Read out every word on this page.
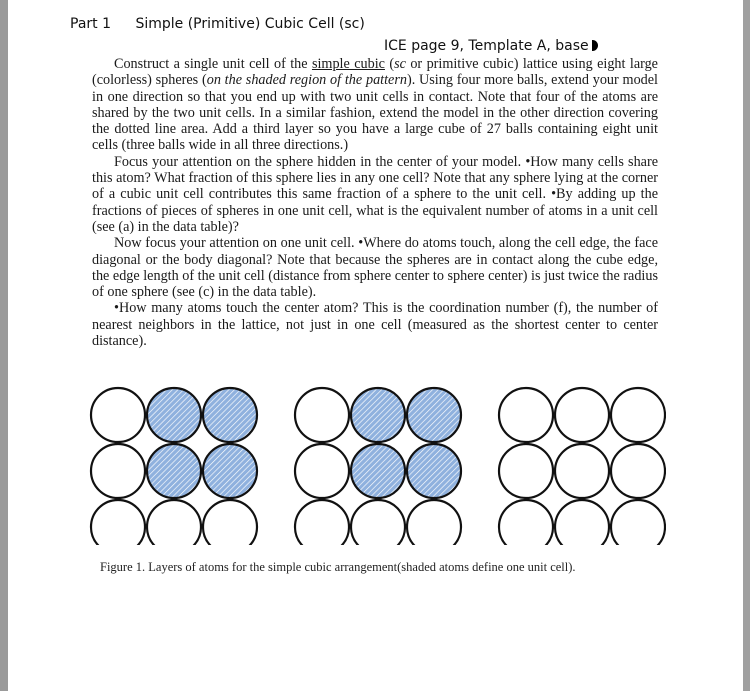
Part 1 Simple (Primitive) Cubic Cell (sc)
ICE page 9, Template A, base

Construct a single unit cell of the simple cubic (sc or primitive cubic) lattice using eight large (colorless) spheres (on the shaded region of the pattern). Using four more balls, extend your model in one direction so that you end up with two unit cells in contact. Note that four of the atoms are shared by the two unit cells. In a similar fashion, extend the model in the other direction covering the dotted line area. Add a third layer so you have a large cube of 27 balls containing eight unit cells (three balls wide in all three directions.)

Focus your attention on the sphere hidden in the center of your model. •How many cells share this atom? What fraction of this sphere lies in any one cell? Note that any sphere lying at the corner of a cubic unit cell contributes this same fraction of a sphere to the unit cell. •By adding up the fractions of pieces of spheres in one unit cell, what is the equivalent number of atoms in a unit cell (see (a) in the data table)?

Now focus your attention on one unit cell. •Where do atoms touch, along the cell edge, the face diagonal or the body diagonal? Note that because the spheres are in contact along the cube edge, the edge length of the unit cell (distance from sphere center to sphere center) is just twice the radius of one sphere (see (c) in the data table).

•How many atoms touch the center atom? This is the coordination number (f), the number of nearest neighbors in the lattice, not just in one cell (measured as the shortest center to center distance).

Figure 1. Layers of atoms for the simple cubic arrangement(shaded atoms define one unit cell).
